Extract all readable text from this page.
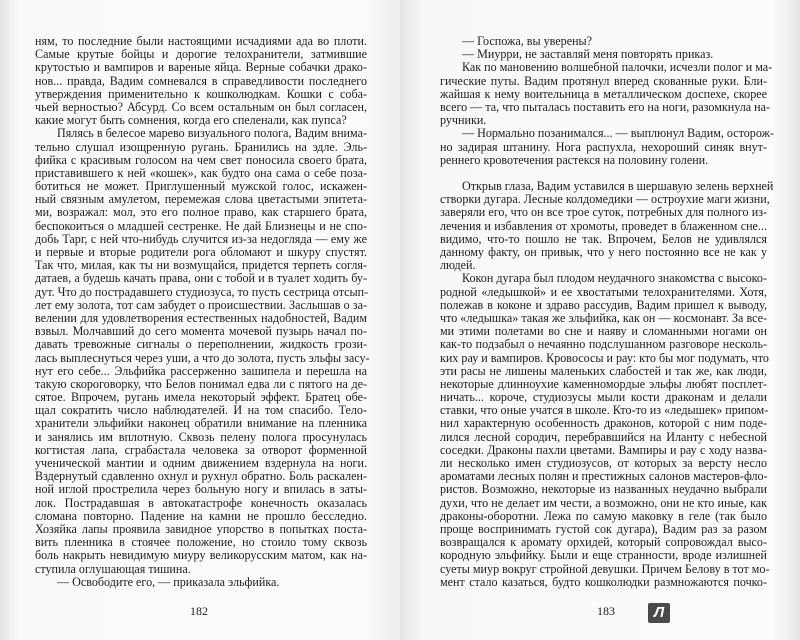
ням, то последние были настоящими исчадиями ада во плоти.
Самые крутые бойцы и дорогие телохранители, затмившие
крутостью и вампиров и вареные яйца. Верные собачки драко-
нов... правда, Вадим сомневался в справедливости последнего
утверждения применительно к кошколюдкам. Кошки с соба-
чьей верностью? Абсурд. Со всем остальным он был согласен,
какие могут быть сомнения, когда его спеленали, как пупса?
Пялясь в белесое марево визуального полога, Вадим внима-
тельно слушал изощренную ругань. Бранились на эдле. Эль-
фийка с красивым голосом на чем свет поносила своего брата,
приставившего к ней «кошек», как будто она сама о себе поза-
ботиться не может. Приглушенный мужской голос, искажен-
ный связным амулетом, перемежая слова цветастыми эпитета-
ми, возражал: мол, это его полное право, как старшего брата,
беспокоиться о младшей сестренке. Не дай Близнецы и не спо-
добь Тарг, с ней что-нибудь случится из-за недогляда — ему же
и первые и вторые родители рога обломают и шкуру спустят.
Так что, милая, как ты ни возмущайся, придется терпеть согля-
датаев, а будешь качать права, они с тобой и в туалет ходить бу-
дут. Что до пострадавшего студиозуса, то пусть сестрица отсып-
лет ему золота, тот сам забудет о происшествии. Заслышав о за-
велении для удовлетворения естественных надобностей, Вадим
взвыл. Молчавший до сего момента мочевой пузырь начал по-
давать тревожные сигналы о переполнении, жидкость грози-
лась выплеснуться через уши, а что до золота, пусть эльфы засу-
нут его себе... Эльфийка рассерженно зашипела и перешла на
такую скороговорку, что Белов понимал едва ли с пятого на де-
сятое. Впрочем, ругань имела некоторый эффект. Братец обе-
щал сократить число наблюдателей. И на том спасибо. Тело-
хранители эльфийки наконец обратили внимание на пленника
и занялись им вплотную. Сквозь пелену полога просунулась
когтистая лапа, сграбастала человека за отворот форменной
ученической мантии и одним движением вздернула на ноги.
Вздернутый сдавленно охнул и рухнул обратно. Боль раскален-
ной иглой прострелила через больную ногу и впилась в заты-
лок. Пострадавшая в автокатастрофе конечность оказалась
сломана повторно. Падение на камни не прошло бесследно.
Хозяйка лапы проявила завидное упорство в попытках поста-
вить пленника в стоячее положение, но стоило тому сквозь
боль накрыть невидимую миуру великорусским матом, как на-
ступила оглушающая тишина.
— Освободите его, — приказала эльфийка.
182
— Госпожа, вы уверены?
— Миурри, не заставляй меня повторять приказ.
Как по мановению волшебной палочки, исчезли полог и ма-
гические путы. Вадим протянул вперед скованные руки. Бли-
жайшая к нему воительница в металлическом доспехе, скорее
всего — та, что пыталась поставить его на ноги, разомкнула на-
ручники.
— Нормально позанимался... — выплюнул Вадим, осторож-
но задирая штанину. Нога распухла, нехороший синяк внут-
реннего кровотечения растекся на половину голени.
Открыв глаза, Вадим уставился в шершавую зелень верхней
створки дугара. Лесные колдомедики — остроухие маги жизни,
заверяли его, что он все трое суток, потребных для полного из-
лечения и избавления от хромоты, проведет в блаженном сне...
видимо, что-то пошло не так. Впрочем, Белов не удивлялся
данному факту, он привык, что у него постоянно все не как у
людей.
Кокон дугара был плодом неудачного знакомства с высоко-
родной «ледышкой» и ее хвостатыми телохранителями. Хотя,
полежав в коконе и здраво рассудив, Вадим пришел к выводу,
что «ледышка» такая же эльфийка, как он — космонавт. За все-
ми этими полетами во сне и наяву и сломанными ногами он
как-то подзабыл о нечаянно подслушанном разговоре несколь-
ких рау и вампиров. Кровососы и рау: кто бы мог подумать, что
эти расы не лишены маленьких слабостей и так же, как люди,
некоторые длинноухие каменномордые эльфы любят посплет-
ничать... короче, студиозусы мыли кости драконам и делали
ставки, что оные учатся в школе. Кто-то из «ледышек» припом-
нил характерную особенность драконов, которой с ним поде-
лился лесной сородич, перебравшийся на Иланту с небесной
соседки. Драконы пахли цветами. Вампиры и рау с ходу назва-
ли несколько имен студиозусов, от которых за версту несло
ароматами лесных полян и престижных салонов мастеров-фло-
ристов. Возможно, некоторые из названных неудачно выбрали
духи, что не делает им чести, а возможно, они не кто иные, как
драконы-оборотни. Лежа по самую маковку в геле (так было
проще воспринимать густой сок дугара), Вадим раз за разом
возвращался к аромату орхидей, который сопровождал высо-
кородную эльфийку. Были и еще странности, вроде излишней
суеты миур вокруг стройной девушки. Причем Белову в тот мо-
мент стало казаться, будто кошколюдки размножаются почко-
183	Л
